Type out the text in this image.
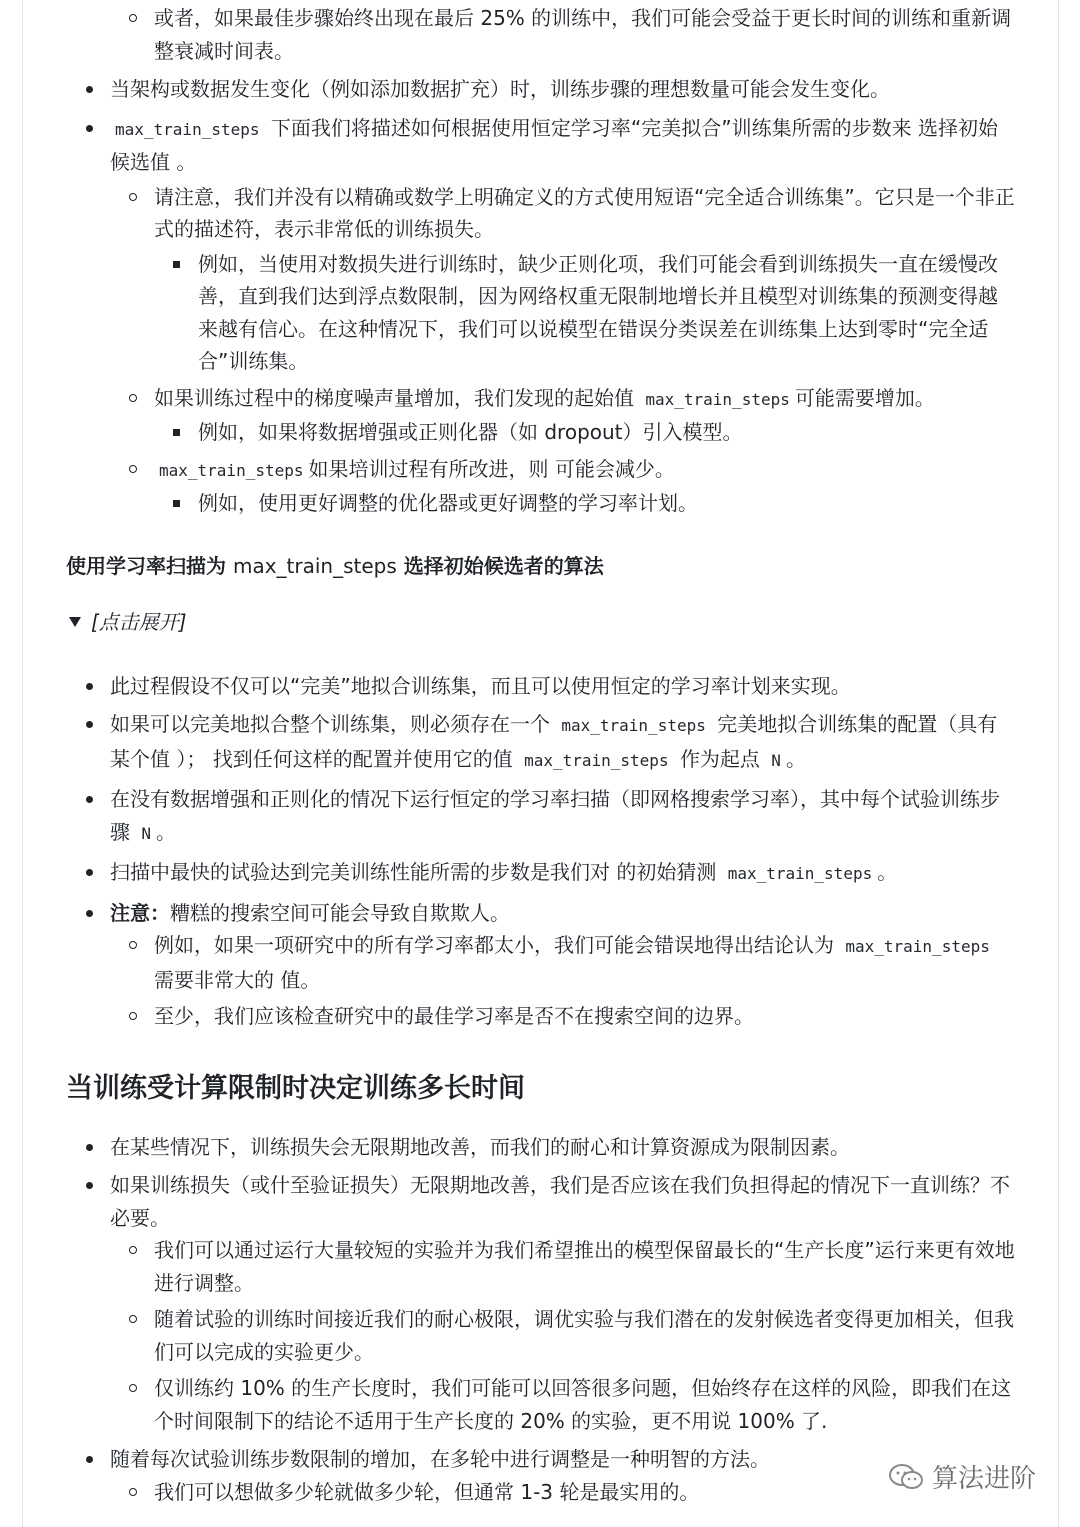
或者，如果最佳步骤始终出现在最后 25% 的训练中，我们可能会受益于更长时间的训练和重新调整衰减时间表。
当架构或数据发生变化（例如添加数据扩充）时，训练步骤的理想数量可能会发生变化。
max_train_steps 下面我们将描述如何根据使用恒定学习率“完美拟合”训练集所需的步数来 选择初始候选值 。
请注意，我们并没有以精确或数学上明确定义的方式使用短语“完全适合训练集”。它只是一个非正式的描述符，表示非常低的训练损失。
例如，当使用对数损失进行训练时，缺少正则化项，我们可能会看到训练损失一直在缓慢改善，直到我们达到浮点数限制，因为网络权重无限制地增长并且模型对训练集的预测变得越来越有信心。在这种情况下，我们可以说模型在错误分类误差在训练集上达到零时“完全适合”训练集。
如果训练过程中的梯度噪声量增加，我们发现的起始值 max_train_steps 可能需要增加。
例如，如果将数据增强或正则化器（如 dropout）引入模型。
max_train_steps 如果培训过程有所改进，则 可能会减少。
例如，使用更好调整的优化器或更好调整的学习率计划。
使用学习率扫描为 max_train_steps 选择初始候选者的算法
[点击展开]
此过程假设不仅可以“完美”地拟合训练集，而且可以使用恒定的学习率计划来实现。
如果可以完美地拟合整个训练集，则必须存在一个 max_train_steps 完美地拟合训练集的配置（具有某个值 ）； 找到任何这样的配置并使用它的值 max_train_steps 作为起点 N 。
在没有数据增强和正则化的情况下运行恒定的学习率扫描（即网格搜索学习率），其中每个试验训练步骤 N 。
扫描中最快的试验达到完美训练性能所需的步数是我们对 的初始猜测 max_train_steps 。
注意：糟糕的搜索空间可能会导致自欺欺人。
例如，如果一项研究中的所有学习率都太小，我们可能会错误地得出结论认为 max_train_steps 需要非常大的 值。
至少，我们应该检查研究中的最佳学习率是否不在搜索空间的边界。
当训练受计算限制时决定训练多长时间
在某些情况下，训练损失会无限期地改善，而我们的耐心和计算资源成为限制因素。
如果训练损失（或什至验证损失）无限期地改善，我们是否应该在我们负担得起的情况下一直训练？不必要。
我们可以通过运行大量较短的实验并为我们希望推出的模型保留最长的“生产长度”运行来更有效地进行调整。
随着试验的训练时间接近我们的耐心极限，调优实验与我们潜在的发射候选者变得更加相关，但我们可以完成的实验更少。
仅训练约 10% 的生产长度时，我们可能可以回答很多问题，但始终存在这样的风险，即我们在这个时间限制下的结论不适用于生产长度的 20% 的实验，更不用说 100% 了.
随着每次试验训练步数限制的增加，在多轮中进行调整是一种明智的方法。
我们可以想做多少轮就做多少轮，但通常 1-3 轮是最实用的。	算法进阶
